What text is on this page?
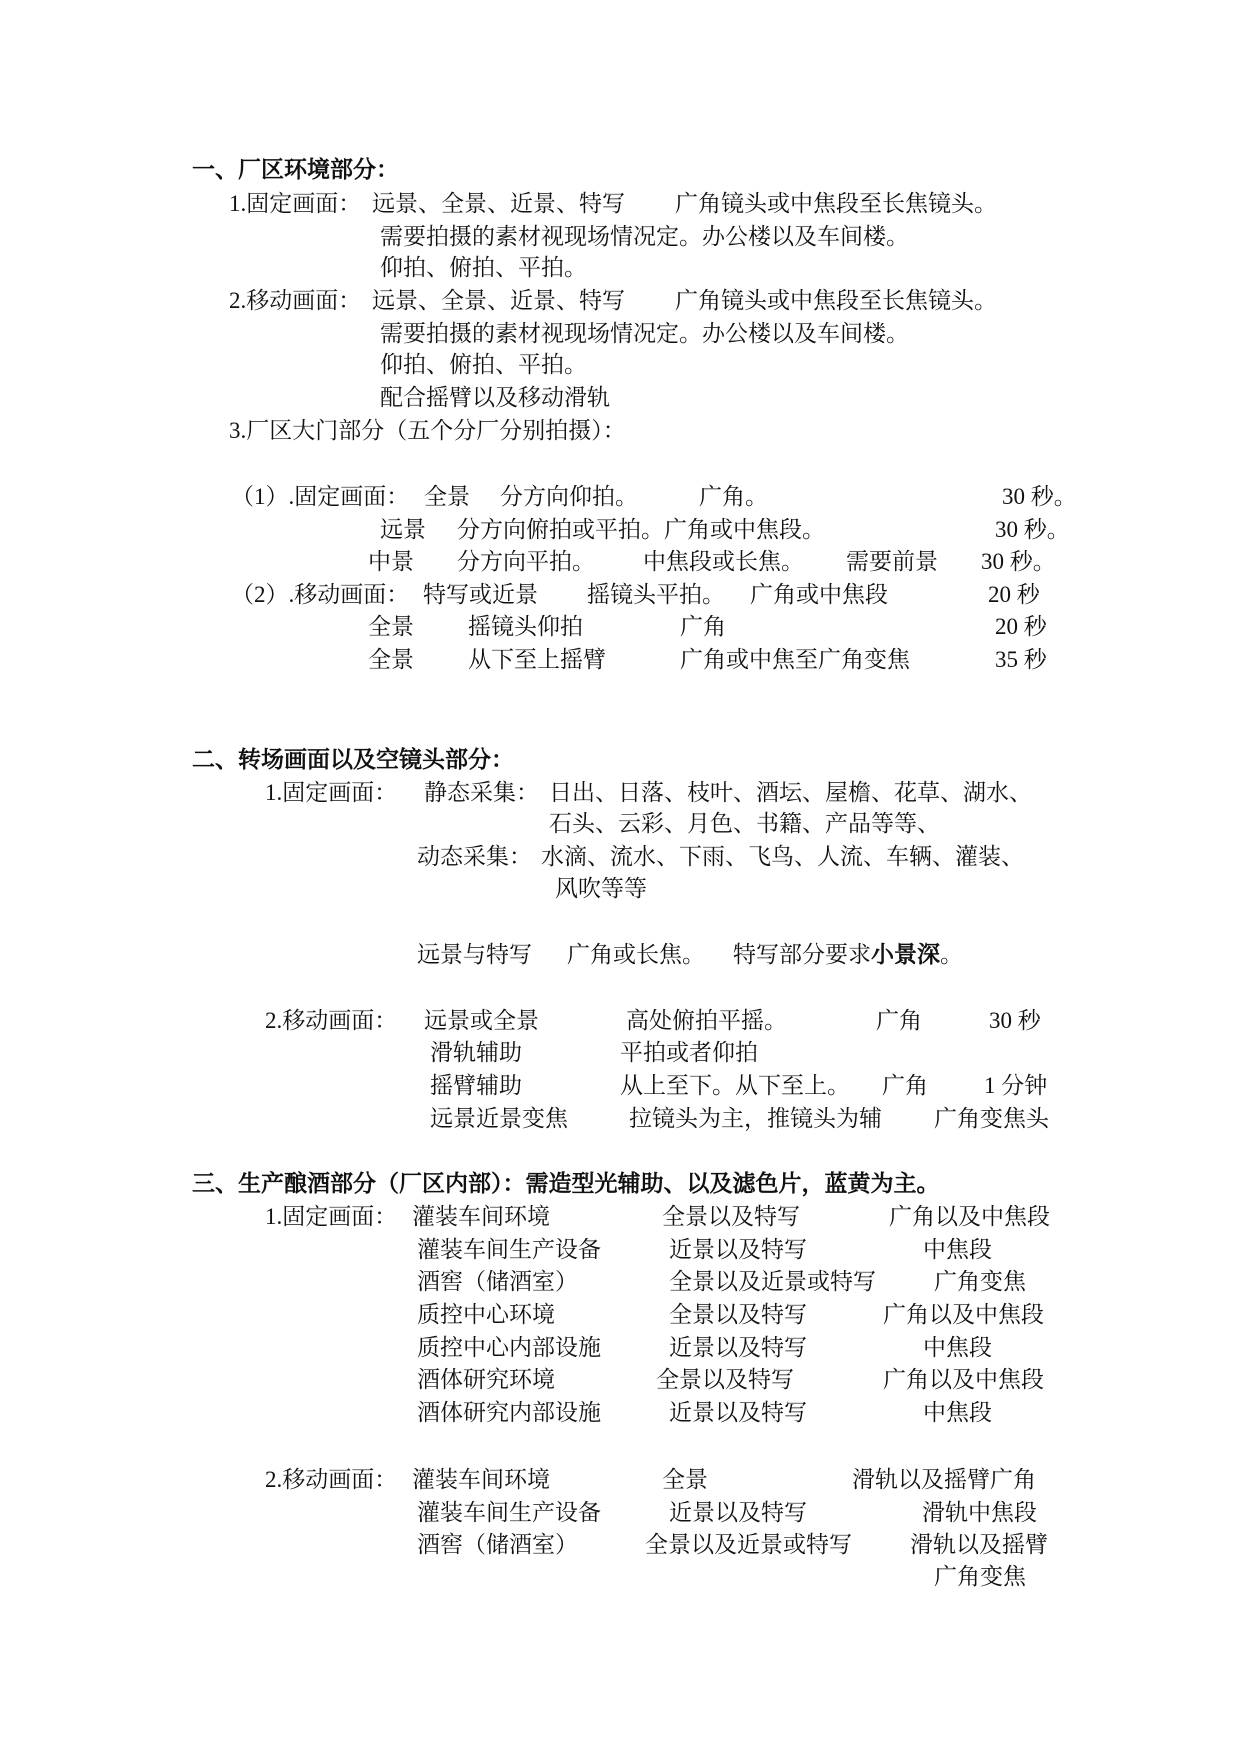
一、厂区环境部分：
1.固定画面： 远景、全景、近景、特写 广角镜头或中焦段至长焦镜头。
需要拍摄的素材视现场情况定。办公楼以及车间楼。
仰拍、俯拍、平拍。
2.移动画面： 远景、全景、近景、特写 广角镜头或中焦段至长焦镜头。
需要拍摄的素材视现场情况定。办公楼以及车间楼。
仰拍、俯拍、平拍。
配合摇臂以及移动滑轨
3.厂区大门部分（五个分厂分别拍摄）：
（1）.固定画面： 全景 分方向仰拍。	广角。	30 秒。
远景 分方向俯拍或平拍。广角或中焦段。	30 秒。
中景 分方向平拍。 中焦段或长焦。 需要前景 30 秒。
（2）.移动画面： 特写或近景 摇镜头平拍。 广角或中焦段	20 秒
全景 摇镜头仰拍	广角	20 秒
全景 从下至上摇臂	广角或中焦至广角变焦	35 秒
二、转场画面以及空镜头部分：
1.固定画面： 静态采集： 日出、日落、枝叶、酒坛、屋檐、花草、湖水、
石头、云彩、月色、书籍、产品等等、
动态采集： 水滴、流水、下雨、飞鸟、人流、车辆、灌装、
风吹等等
远景与特写 广角或长焦。 特写部分要求小景深。
2.移动画面： 远景或全景	高处俯拍平摇。	广角	30 秒
滑轨辅助	平拍或者仰拍
摇臂辅助	从上至下。从下至上。 广角 1 分钟
远景近景变焦	拉镜头为主，推镜头为辅 广角变焦头
三、生产酿酒部分（厂区内部）：需造型光辅助、以及滤色片，蓝黄为主。
1.固定画面： 灌装车间环境	全景以及特写	广角以及中焦段
灌装车间生产设备	近景以及特写	中焦段
酒窖（储酒室）	全景以及近景或特写	广角变焦
质控中心环境	全景以及特写	广角以及中焦段
质控中心内部设施	近景以及特写	中焦段
酒体研究环境	全景以及特写	广角以及中焦段
酒体研究内部设施	近景以及特写	中焦段
2.移动画面： 灌装车间环境	全景	滑轨以及摇臂广角
灌装车间生产设备	近景以及特写	滑轨中焦段
酒窖（储酒室）	全景以及近景或特写	滑轨以及摇臂
广角变焦
